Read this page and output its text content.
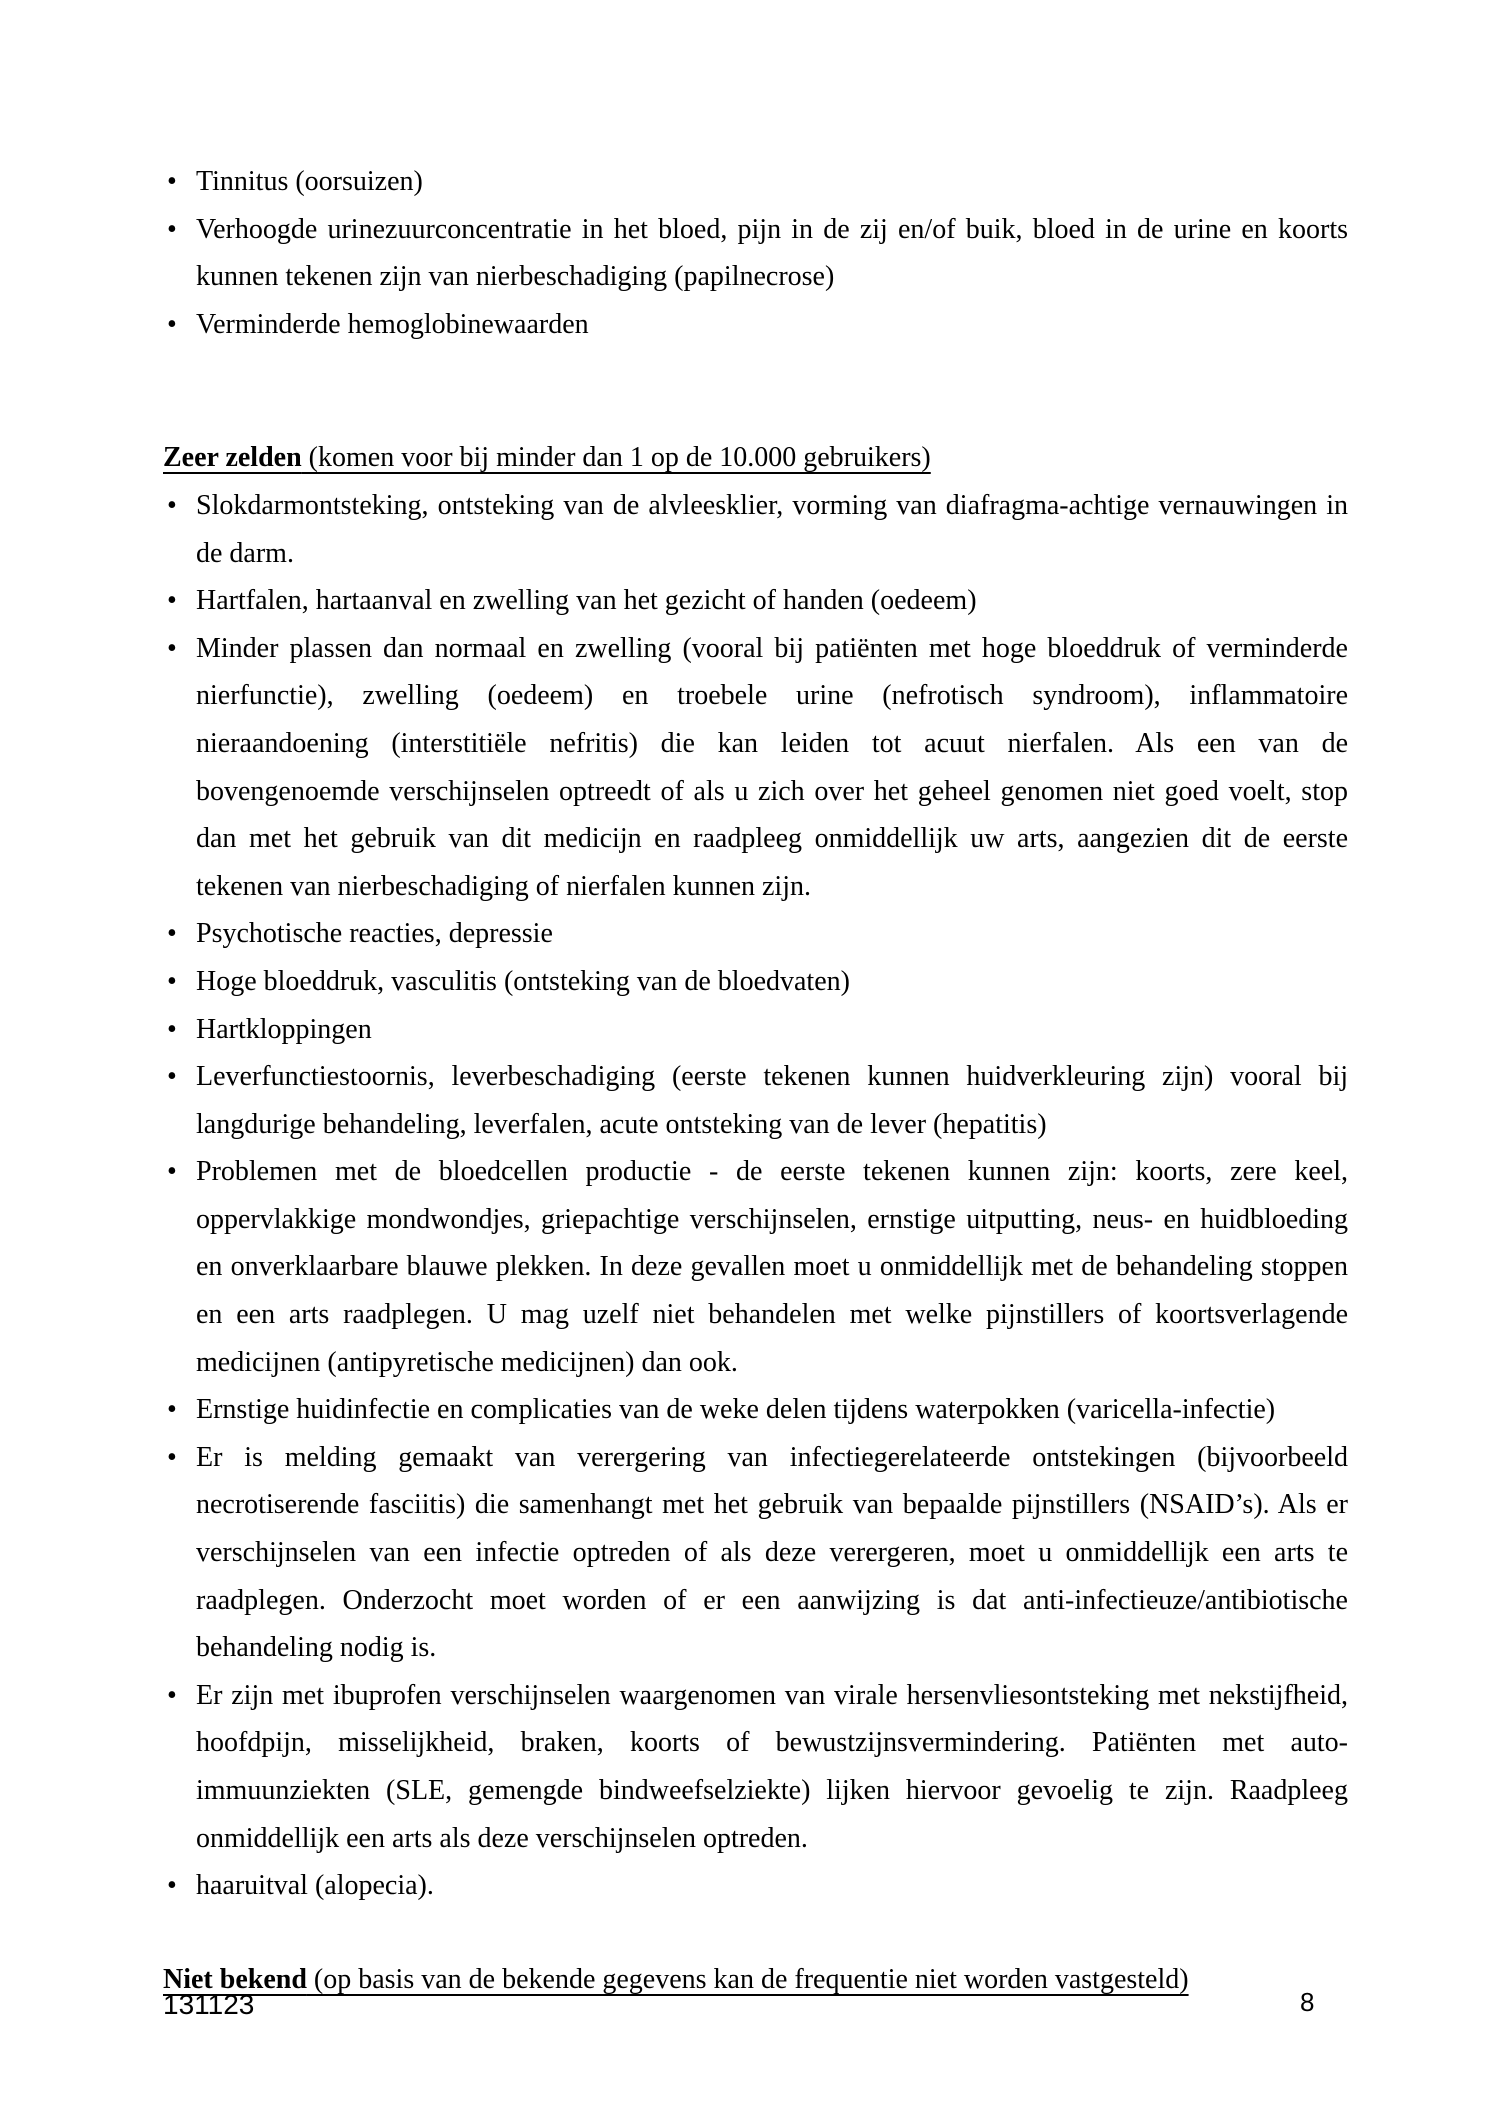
• Tinnitus (oorsuizen)
• Verhoogde urinezuurconcentratie in het bloed, pijn in de zij en/of buik, bloed in de urine en koorts kunnen tekenen zijn van nierbeschadiging (papilnecrose)
• Verminderde hemoglobinewaarden

Zeer zelden (komen voor bij minder dan 1 op de 10.000 gebruikers)

• Slokdarmontsteking, ontsteking van de alvleesklier, vorming van diafragma-achtige vernauwingen in de darm.
• Hartfalen, hartaanval en zwelling van het gezicht of handen (oedeem)
• Minder plassen dan normaal en zwelling (vooral bij patiënten met hoge bloeddruk of verminderde nierfunctie), zwelling (oedeem) en troebele urine (nefrotisch syndroom), inflammatoire nieraandoening (interstitiële nefritis) die kan leiden tot acuut nierfalen. Als een van de bovengenoemde verschijnselen optreedt of als u zich over het geheel genomen niet goed voelt, stop dan met het gebruik van dit medicijn en raadpleeg onmiddellijk uw arts, aangezien dit de eerste tekenen van nierbeschadiging of nierfalen kunnen zijn.
• Psychotische reacties, depressie
• Hoge bloeddruk, vasculitis (ontsteking van de bloedvaten)
• Hartkloppingen
• Leverfunctiestoornis, leverbeschadiging (eerste tekenen kunnen huidverkleuring zijn) vooral bij langdurige behandeling, leverfalen, acute ontsteking van de lever (hepatitis)
• Problemen met de bloedcellen productie - de eerste tekenen kunnen zijn: koorts, zere keel, oppervlakkige mondwondjes, griepachtige verschijnselen, ernstige uitputting, neus- en huidbloeding en onverklaarbare blauwe plekken. In deze gevallen moet u onmiddellijk met de behandeling stoppen en een arts raadplegen. U mag uzelf niet behandelen met welke pijnstillers of koortsverlagende medicijnen (antipyretische medicijnen) dan ook.
• Ernstige huidinfectie en complicaties van de weke delen tijdens waterpokken (varicella-infectie)
• Er is melding gemaakt van verergering van infectiegerelateerde ontstekingen (bijvoorbeeld necrotiserende fasciitis) die samenhangt met het gebruik van bepaalde pijnstillers (NSAID’s). Als er verschijnselen van een infectie optreden of als deze verergeren, moet u onmiddellijk een arts te raadplegen. Onderzocht moet worden of er een aanwijzing is dat anti-infectieuze/antibiotische behandeling nodig is.
• Er zijn met ibuprofen verschijnselen waargenomen van virale hersenvliesontsteking met nekstijfheid, hoofdpijn, misselijkheid, braken, koorts of bewustzijnsvermindering. Patiënten met auto-immuunziekten (SLE, gemengde bindweefselziekte) lijken hiervoor gevoelig te zijn. Raadpleeg onmiddellijk een arts als deze verschijnselen optreden.
• haaruitval (alopecia).

Niet bekend (op basis van de bekende gegevens kan de frequentie niet worden vastgesteld)

131123	8
